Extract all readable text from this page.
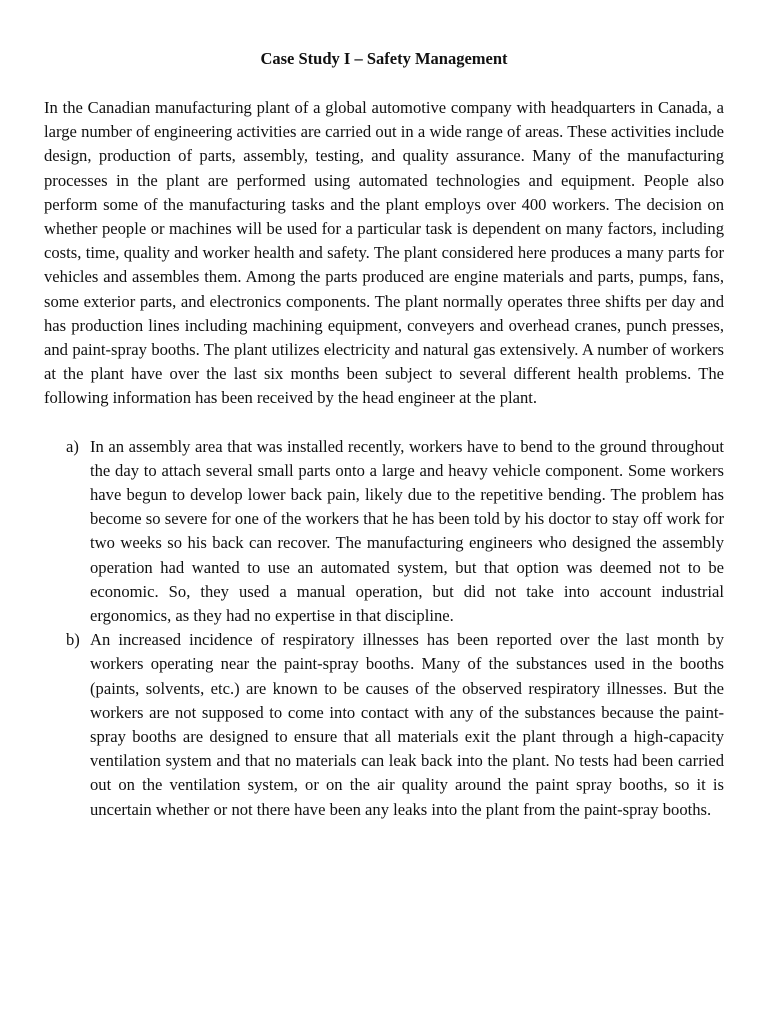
Case Study I – Safety Management

In the Canadian manufacturing plant of a global automotive company with headquarters in Canada, a large number of engineering activities are carried out in a wide range of areas. These activities include design, production of parts, assembly, testing, and quality assurance. Many of the manufacturing processes in the plant are performed using automated technologies and equipment. People also perform some of the manufacturing tasks and the plant employs over 400 workers. The decision on whether people or machines will be used for a particular task is dependent on many factors, including costs, time, quality and worker health and safety. The plant considered here produces a many parts for vehicles and assembles them. Among the parts produced are engine materials and parts, pumps, fans, some exterior parts, and electronics components. The plant normally operates three shifts per day and has production lines including machining equipment, conveyers and overhead cranes, punch presses, and paint-spray booths. The plant utilizes electricity and natural gas extensively. A number of workers at the plant have over the last six months been subject to several different health problems. The following information has been received by the head engineer at the plant.

a) In an assembly area that was installed recently, workers have to bend to the ground throughout the day to attach several small parts onto a large and heavy vehicle component. Some workers have begun to develop lower back pain, likely due to the repetitive bending. The problem has become so severe for one of the workers that he has been told by his doctor to stay off work for two weeks so his back can recover. The manufacturing engineers who designed the assembly operation had wanted to use an automated system, but that option was deemed not to be economic. So, they used a manual operation, but did not take into account industrial ergonomics, as they had no expertise in that discipline.
b) An increased incidence of respiratory illnesses has been reported over the last month by workers operating near the paint-spray booths. Many of the substances used in the booths (paints, solvents, etc.) are known to be causes of the observed respiratory illnesses. But the workers are not supposed to come into contact with any of the substances because the paint-spray booths are designed to ensure that all materials exit the plant through a high-capacity ventilation system and that no materials can leak back into the plant. No tests had been carried out on the ventilation system, or on the air quality around the paint spray booths, so it is uncertain whether or not there have been any leaks into the plant from the paint-spray booths.
